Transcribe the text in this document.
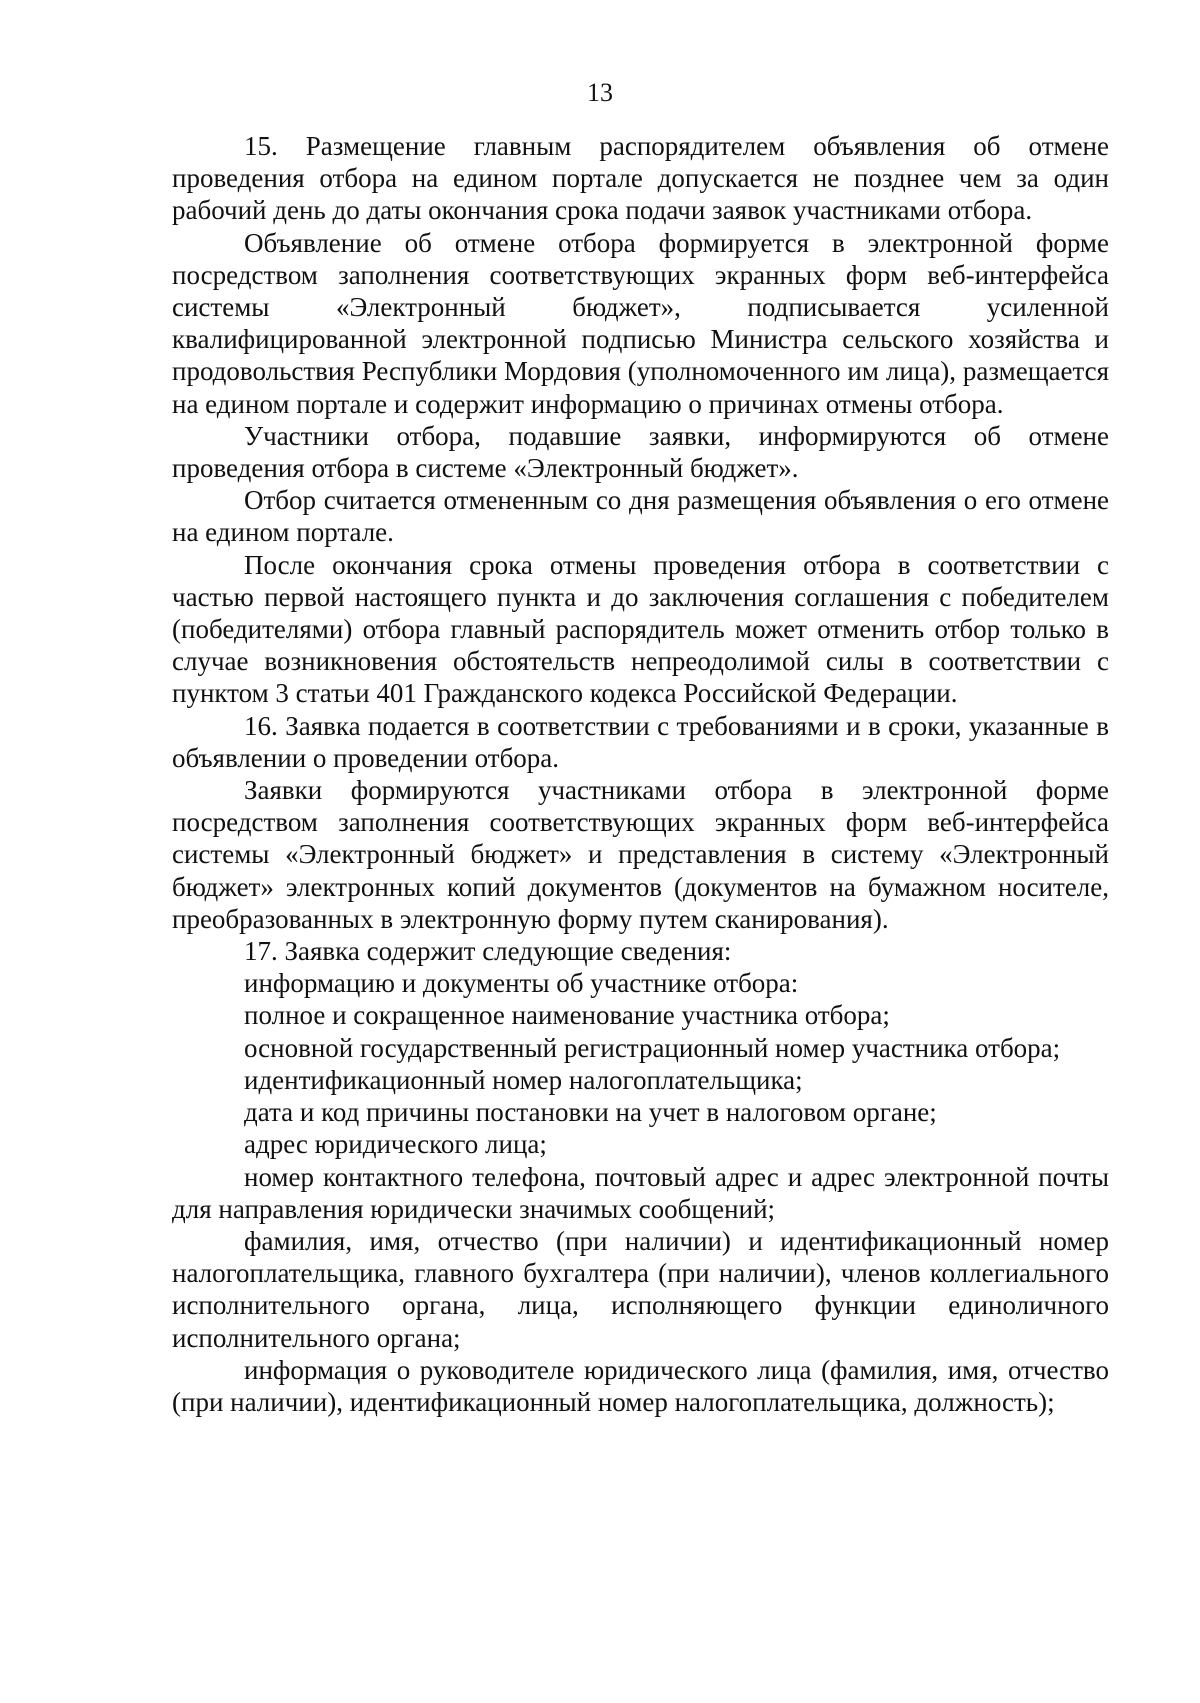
13

15. Размещение главным распорядителем объявления об отмене проведения отбора на едином портале допускается не позднее чем за один рабочий день до даты окончания срока подачи заявок участниками отбора.

Объявление об отмене отбора формируется в электронной форме посредством заполнения соответствующих экранных форм веб-интерфейса системы «Электронный бюджет», подписывается усиленной квалифицированной электронной подписью Министра сельского хозяйства и продовольствия Республики Мордовия (уполномоченного им лица), размещается на едином портале и содержит информацию о причинах отмены отбора.

Участники отбора, подавшие заявки, информируются об отмене проведения отбора в системе «Электронный бюджет».

Отбор считается отмененным со дня размещения объявления о его отмене на едином портале.

После окончания срока отмены проведения отбора в соответствии с частью первой настоящего пункта и до заключения соглашения с победителем (победителями) отбора главный распорядитель может отменить отбор только в случае возникновения обстоятельств непреодолимой силы в соответствии с пунктом 3 статьи 401 Гражданского кодекса Российской Федерации.

16. Заявка подается в соответствии с требованиями и в сроки, указанные в объявлении о проведении отбора.

Заявки формируются участниками отбора в электронной форме посредством заполнения соответствующих экранных форм веб-интерфейса системы «Электронный бюджет» и представления в систему «Электронный бюджет» электронных копий документов (документов на бумажном носителе, преобразованных в электронную форму путем сканирования).

17. Заявка содержит следующие сведения:

информацию и документы об участнике отбора:

полное и сокращенное наименование участника отбора;

основной государственный регистрационный номер участника отбора;

идентификационный номер налогоплательщика;

дата и код причины постановки на учет в налоговом органе;

адрес юридического лица;

номер контактного телефона, почтовый адрес и адрес электронной почты для направления юридически значимых сообщений;

фамилия, имя, отчество (при наличии) и идентификационный номер налогоплательщика, главного бухгалтера (при наличии), членов коллегиального исполнительного органа, лица, исполняющего функции единоличного исполнительного органа;

информация о руководителе юридического лица (фамилия, имя, отчество (при наличии), идентификационный номер налогоплательщика, должность);
